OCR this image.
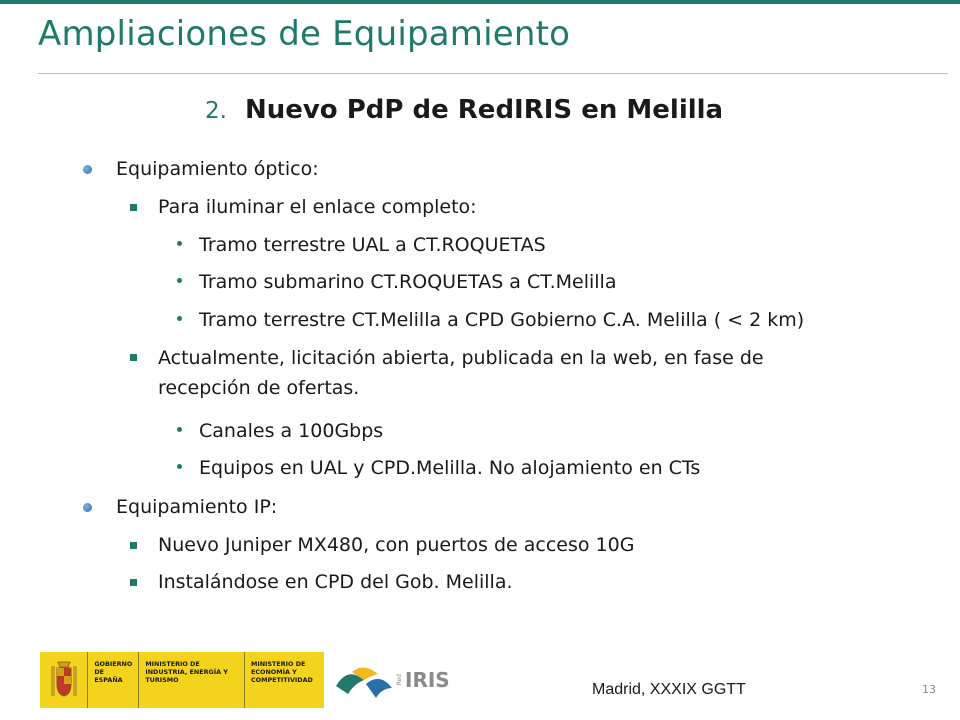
Ampliaciones de Equipamiento
2. Nuevo PdP de RedIRIS en Melilla
Equipamiento óptico:
Para iluminar el enlace completo:
Tramo terrestre UAL a CT.ROQUETAS
Tramo submarino CT.ROQUETAS a CT.Melilla
Tramo terrestre CT.Melilla a CPD Gobierno C.A. Melilla ( < 2 km)
Actualmente, licitación abierta, publicada en la web, en fase de
recepción de ofertas.
Canales a 100Gbps
Equipos en UAL y CPD.Melilla. No alojamiento en CTs
Equipamiento IP:
Nuevo Juniper MX480, con puertos de acceso 10G
Instalándose en CPD del Gob. Melilla.
GOBIERNO DE ESPAÑA
MINISTERIO DE INDUSTRIA, ENERGÍA Y TURISMO
MINISTERIO DE ECONOMÍA Y COMPETITIVIDAD	Red IRIS	Madrid, XXXIX GGTT	13
